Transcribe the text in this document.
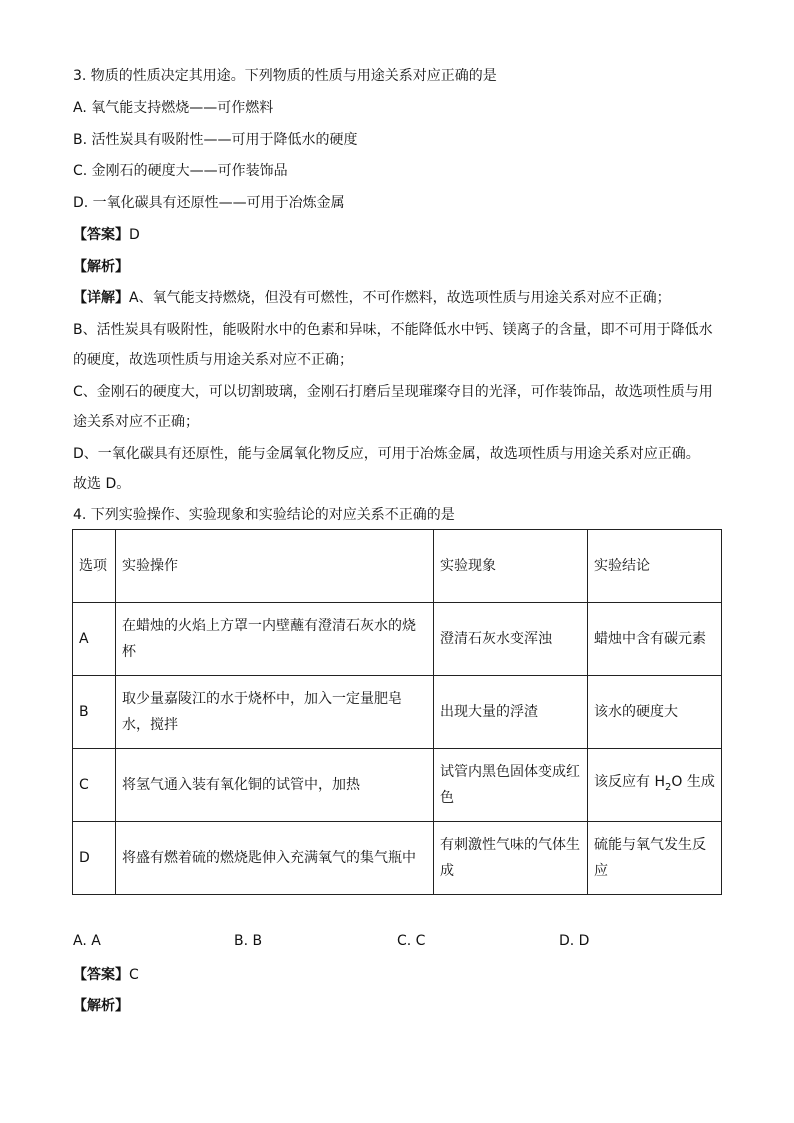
3. 物质的性质决定其用途。下列物质的性质与用途关系对应正确的是
A. 氧气能支持燃烧——可作燃料
B. 活性炭具有吸附性——可用于降低水的硬度
C. 金刚石的硬度大——可作装饰品
D. 一氧化碳具有还原性——可用于冶炼金属
【答案】D
【解析】
【详解】A、氧气能支持燃烧，但没有可燃性，不可作燃料，故选项性质与用途关系对应不正确；
B、活性炭具有吸附性，能吸附水中的色素和异味，不能降低水中钙、镁离子的含量，即不可用于降低水
的硬度，故选项性质与用途关系对应不正确；
C、金刚石的硬度大，可以切割玻璃，金刚石打磨后呈现璀璨夺目的光泽，可作装饰品，故选项性质与用
途关系对应不正确；
D、一氧化碳具有还原性，能与金属氧化物反应，可用于冶炼金属，故选项性质与用途关系对应正确。
故选 D。
4. 下列实验操作、实验现象和实验结论的对应关系不正确的是
选项	实验操作	实验现象	实验结论
A	在蜡烛的火焰上方罩一内壁蘸有澄清石灰水的烧杯	澄清石灰水变浑浊	蜡烛中含有碳元素
B	取少量嘉陵江的水于烧杯中，加入一定量肥皂水，搅拌	出现大量的浮渣	该水的硬度大
C	将氢气通入装有氧化铜的试管中，加热	试管内黑色固体变成红色	该反应有 $H_2O$ 生成
D	将盛有燃着硫的燃烧匙伸入充满氧气的集气瓶中	有刺激性气味的气体生成	硫能与氧气发生反应
A. A	B. B	C. C	D. D
【答案】C
【解析】
